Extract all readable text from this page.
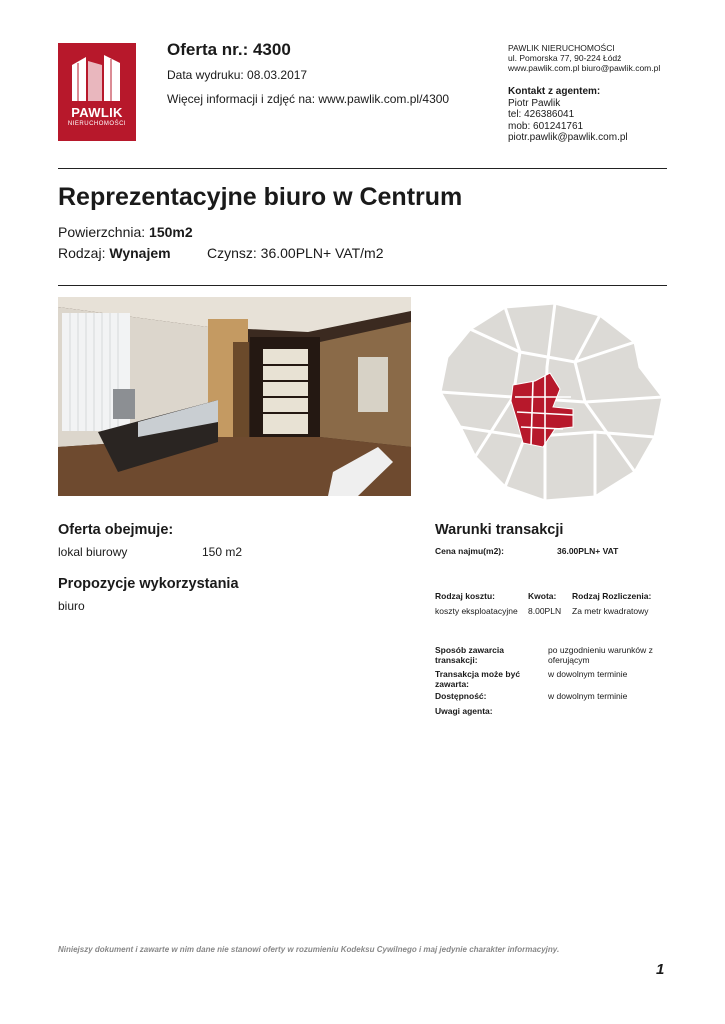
PAWLIK
NIERUCHOMOŚCI
Oferta nr.: 4300
Data wydruku: 08.03.2017
Więcej informacji i zdjęć na: www.pawlik.com.pl/4300
PAWLIK NIERUCHOMOŚCI
ul. Pomorska 77, 90-224 Łódź
www.pawlik.com.pl biuro@pawlik.com.pl
Kontakt z agentem:
Piotr Pawlik
tel: 426386041
mob: 601241761
piotr.pawlik@pawlik.com.pl
Reprezentacyjne biuro w Centrum
Powierzchnia: 150m2
Rodzaj: Wynajem	Czynsz: 36.00PLN+ VAT/m2
Oferta obejmuje:
lokal biurowy	150 m2
Propozycje wykorzystania
biuro
Warunki transakcji
Cena najmu(m2):	36.00PLN+ VAT
Rodzaj kosztu:	Kwota: Rodzaj Rozliczenia:
koszty eksploatacyjne 8.00PLN Za metr kwadratowy
Sposób zawarcia transakcji:
po uzgodnieniu warunków z oferującym
Transakcja może być zawarta:
w dowolnym terminie
Dostępność:	w dowolnym terminie
Uwagi agenta:
Niniejszy dokument i zawarte w nim dane nie stanowi oferty w rozumieniu Kodeksu Cywilnego i maj jedynie charakter informacyjny.
1
